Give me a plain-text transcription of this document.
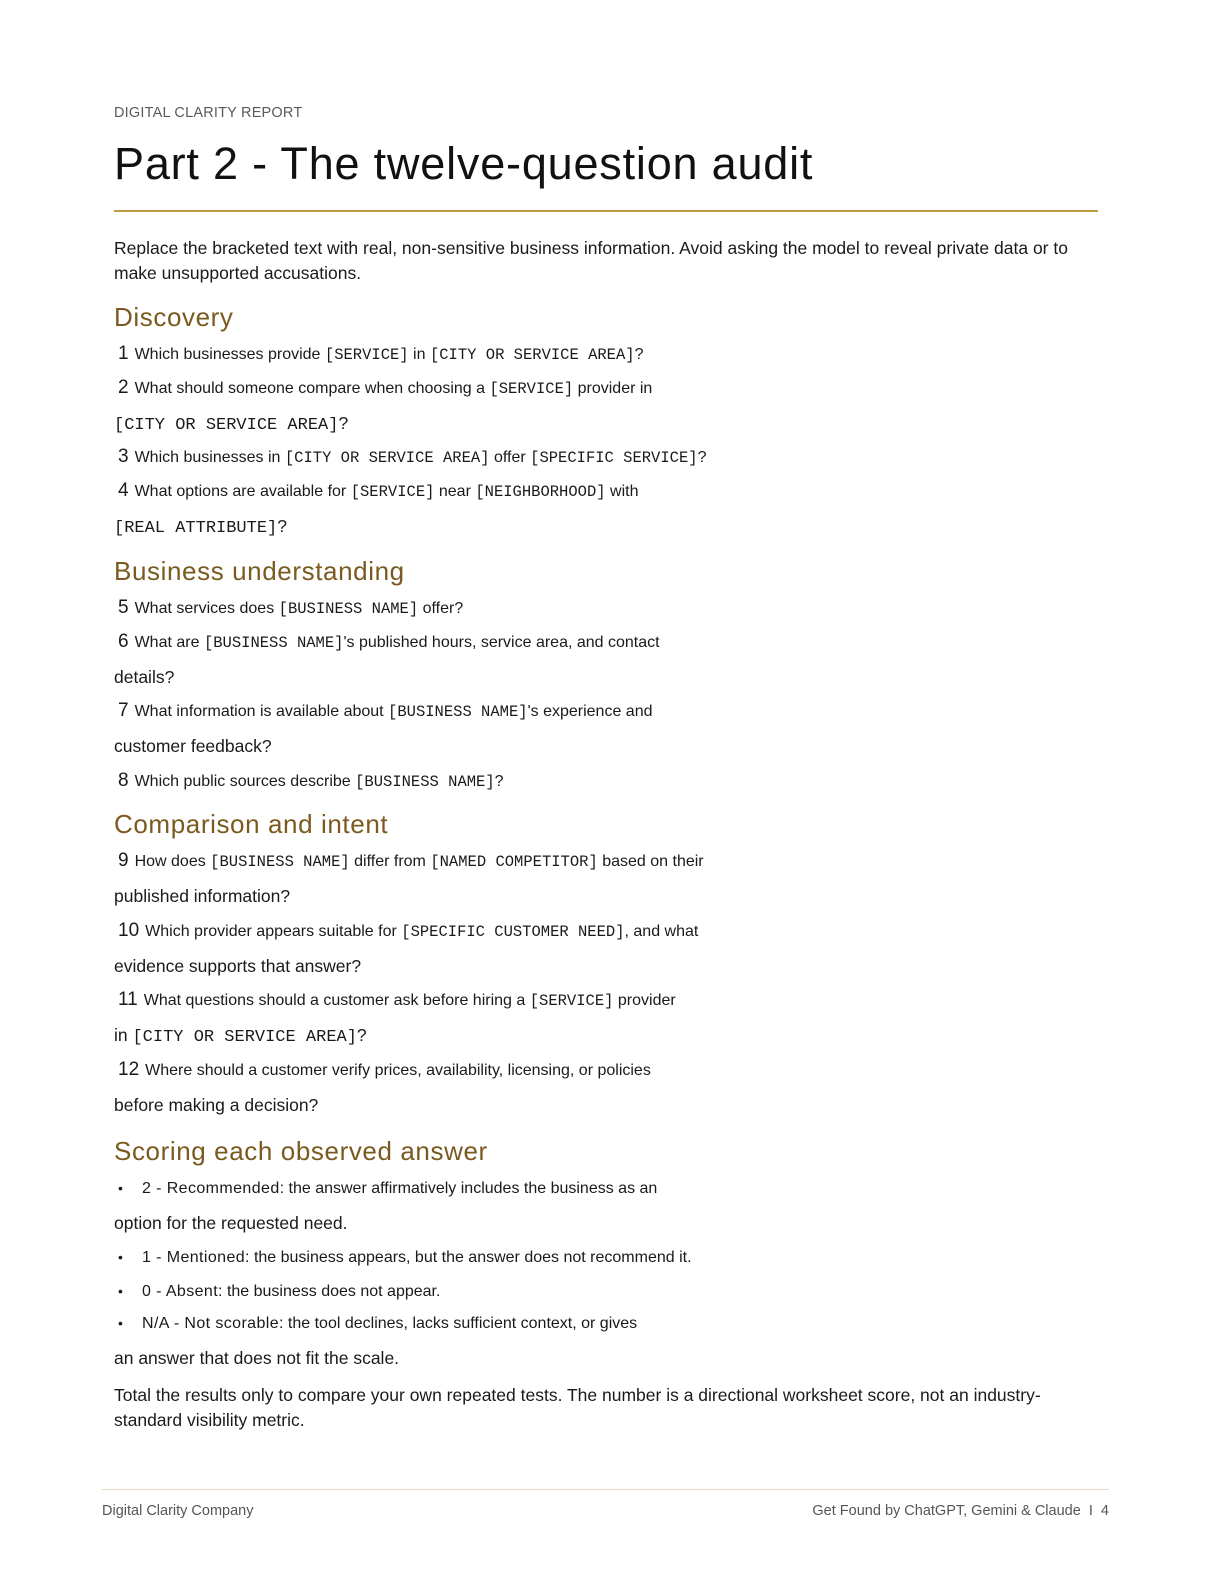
DIGITAL CLARITY REPORT
Part 2 - The twelve-question audit

Replace the bracketed text with real, non-sensitive business information. Avoid asking the model to reveal private data or to make unsupported accusations.

Discovery
1 Which businesses provide [SERVICE] in [CITY OR SERVICE AREA]?
2 What should someone compare when choosing a [SERVICE] provider in
[CITY OR SERVICE AREA]?
3 Which businesses in [CITY OR SERVICE AREA] offer [SPECIFIC SERVICE]?
4 What options are available for [SERVICE] near [NEIGHBORHOOD] with
[REAL ATTRIBUTE]?
Business understanding
5 What services does [BUSINESS NAME] offer?
6 What are [BUSINESS NAME]'s published hours, service area, and contact
details?
7 What information is available about [BUSINESS NAME]'s experience and
customer feedback?
8 Which public sources describe [BUSINESS NAME]?
Comparison and intent
9 How does [BUSINESS NAME] differ from [NAMED COMPETITOR] based on their
published information?
10 Which provider appears suitable for [SPECIFIC CUSTOMER NEED], and what
evidence supports that answer?
11 What questions should a customer ask before hiring a [SERVICE] provider
in [CITY OR SERVICE AREA]?
12 Where should a customer verify prices, availability, licensing, or policies
before making a decision?
Scoring each observed answer
• 2 - Recommended: the answer affirmatively includes the business as an
option for the requested need.
• 1 - Mentioned: the business appears, but the answer does not recommend it.
• 0 - Absent: the business does not appear.
• N/A - Not scorable: the tool declines, lacks sufficient context, or gives
an answer that does not fit the scale.

Total the results only to compare your own repeated tests. The number is a directional worksheet score, not an industry-standard visibility metric.

Digital Clarity Company	Get Found by ChatGPT, Gemini & Claude  I  4
